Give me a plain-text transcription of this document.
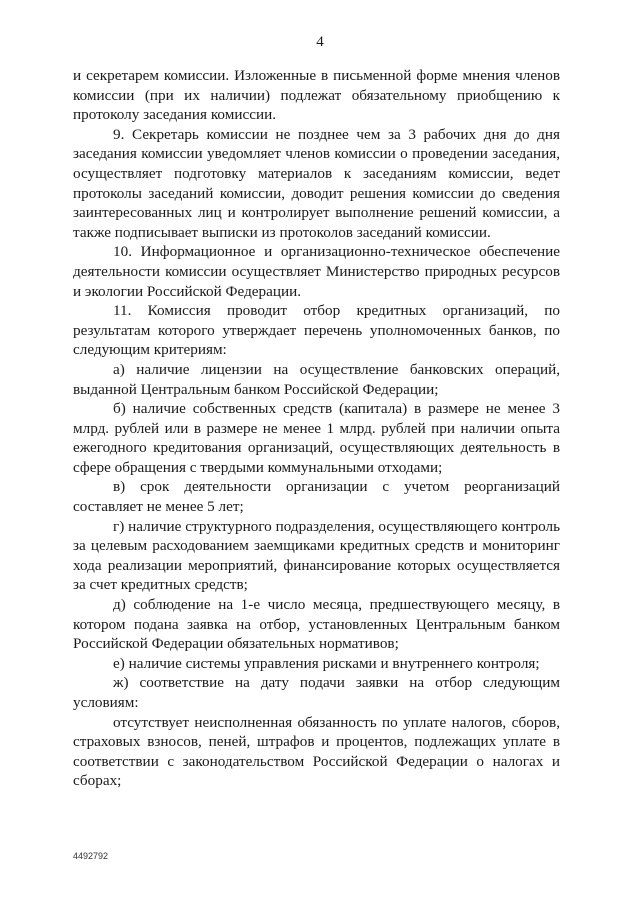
4

и секретарем комиссии. Изложенные в письменной форме мнения членов комиссии (при их наличии) подлежат обязательному приобщению к протоколу заседания комиссии.

9. Секретарь комиссии не позднее чем за 3 рабочих дня до дня заседания комиссии уведомляет членов комиссии о проведении заседания, осуществляет подготовку материалов к заседаниям комиссии, ведет протоколы заседаний комиссии, доводит решения комиссии до сведения заинтересованных лиц и контролирует выполнение решений комиссии, а также подписывает выписки из протоколов заседаний комиссии.

10. Информационное и организационно-техническое обеспечение деятельности комиссии осуществляет Министерство природных ресурсов и экологии Российской Федерации.

11. Комиссия проводит отбор кредитных организаций, по результатам которого утверждает перечень уполномоченных банков, по следующим критериям:

а) наличие лицензии на осуществление банковских операций, выданной Центральным банком Российской Федерации;

б) наличие собственных средств (капитала) в размере не менее 3 млрд. рублей или в размере не менее 1 млрд. рублей при наличии опыта ежегодного кредитования организаций, осуществляющих деятельность в сфере обращения с твердыми коммунальными отходами;

в) срок деятельности организации с учетом реорганизаций составляет не менее 5 лет;

г) наличие структурного подразделения, осуществляющего контроль за целевым расходованием заемщиками кредитных средств и мониторинг хода реализации мероприятий, финансирование которых осуществляется за счет кредитных средств;

д) соблюдение на 1-е число месяца, предшествующего месяцу, в котором подана заявка на отбор, установленных Центральным банком Российской Федерации обязательных нормативов;

е) наличие системы управления рисками и внутреннего контроля;

ж) соответствие на дату подачи заявки на отбор следующим условиям:

отсутствует неисполненная обязанность по уплате налогов, сборов, страховых взносов, пеней, штрафов и процентов, подлежащих уплате в соответствии с законодательством Российской Федерации о налогах и сборах;

4492792
